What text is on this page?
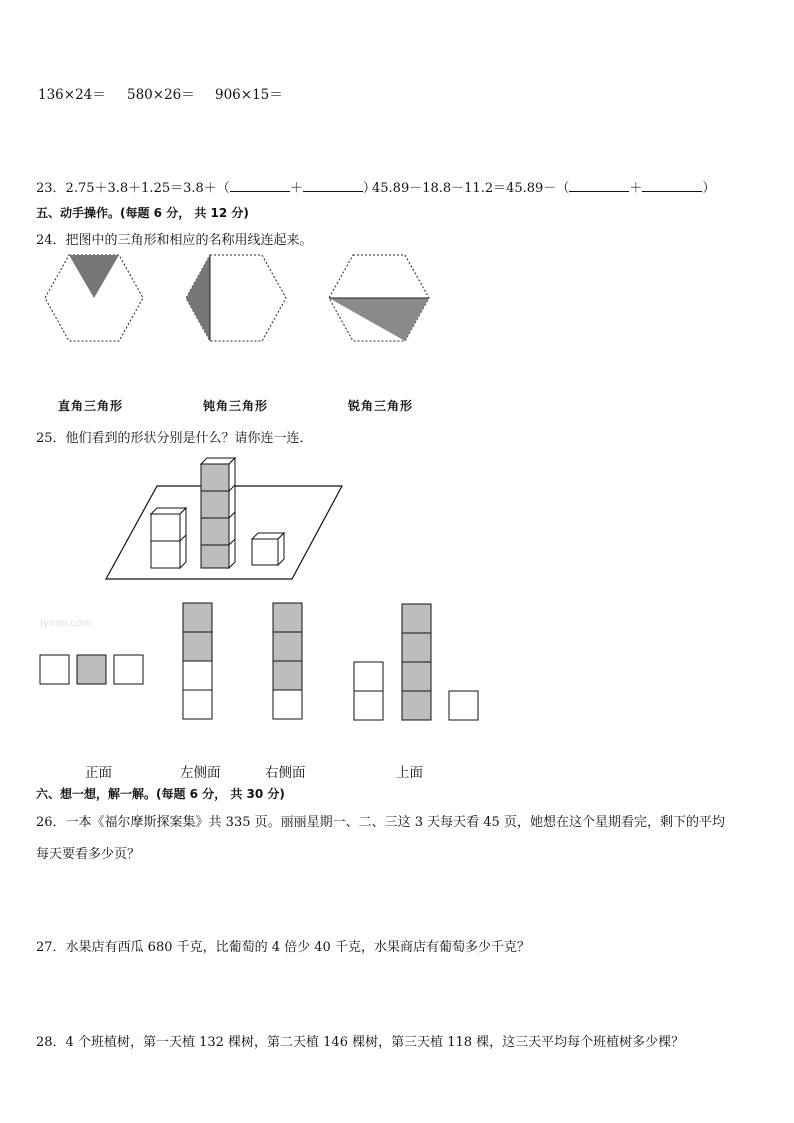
136×24＝ 580×26＝ 906×15＝
23．2.75＋3.8＋1.25＝3.8＋（	＋	）
45.89－18.8－11.2＝45.89－（	＋	）
五、动手操作。(每题 6 分， 共 12 分)
24．把图中的三角形和相应的名称用线连起来。
直角三角形	钝角三角形	锐角三角形
25．他们看到的形状分别是什么？请你连一连．
Jyeoo.com
正面	左侧面	右侧面	上面
六、想一想，解一解。(每题 6 分， 共 30 分)
26．一本《福尔摩斯探案集》共 335 页。丽丽星期一、二、三这 3 天每天看 45 页，她想在这个星期看完，剩下的平均
每天要看多少页？
27．水果店有西瓜 680 千克，比葡萄的 4 倍少 40 千克，水果商店有葡萄多少千克？
28．4 个班植树，第一天植 132 棵树，第二天植 146 棵树，第三天植 118 棵，这三天平均每个班植树多少棵？
